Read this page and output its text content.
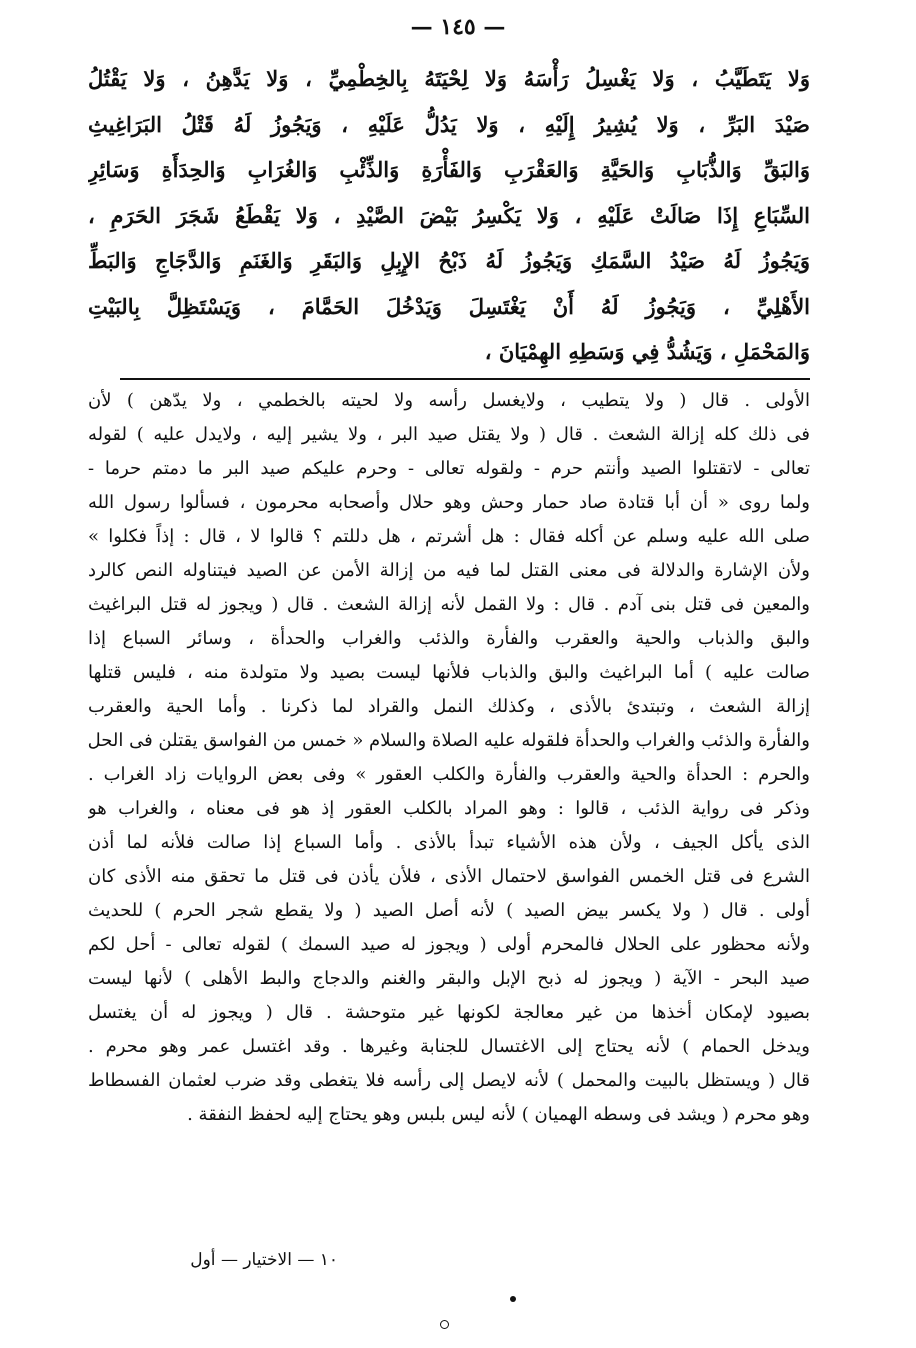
— ١٤٥ —
وَلا يَتَطَيَّبُ ، وَلا يَغْسِلُ رَأْسَهُ وَلا لِحْيَتَهُ بِالخِطْمِيِّ ، وَلا يَدَّهِنُ ، وَلا يَقْتُلُ
صَيْدَ البَرِّ ، وَلا يُشِيرُ إِلَيْهِ ، وَلا يَدُلُّ عَلَيْهِ ، وَيَجُوزُ لَهُ قَتْلُ البَرَاغِيثِ
وَالبَقِّ وَالذُّبَابِ وَالحَيَّةِ وَالعَقْرَبِ وَالفَأْرَةِ وَالذِّئْبِ وَالغُرَابِ وَالحِدَأَةِ وَسَائِرِ
السِّبَاعِ إِذَا صَالَتْ عَلَيْهِ ، وَلا يَكْسِرُ بَيْضَ الصَّيْدِ ، وَلا يَقْطَعُ شَجَرَ الحَرَمِ ،
وَيَجُوزُ لَهُ صَيْدُ السَّمَكِ وَيَجُوزُ لَهُ ذَبْحُ الإِبِلِ وَالبَقَرِ وَالغَنَمِ وَالدَّجَاجِ وَالبَطِّ
الأَهْلِيِّ ، وَيَجُوزُ لَهُ أَنْ يَغْتَسِلَ وَيَدْخُلَ الحَمَّامَ ، وَيَسْتَظِلَّ بِالبَيْتِ
وَالمَحْمَلِ ، وَيَشُدُّ فِي وَسَطِهِ الهِمْيَانَ ،
الأولى . قال ( ولا يتطيب ، ولايغسل رأسه ولا لحيته بالخطمي ، ولا يدّهن ) لأن
فى ذلك كله إزالة الشعث . قال ( ولا يقتل صيد البر ، ولا يشير إليه ، ولايدل عليه ) لقوله
تعالى - لاتقتلوا الصيد وأنتم حرم - ولقوله تعالى - وحرم عليكم صيد البر ما دمتم حرما -
ولما روى « أن أبا قتادة صاد حمار وحش وهو حلال وأصحابه محرمون ، فسألوا رسول الله
صلى الله عليه وسلم عن أكله فقال : هل أشرتم ، هل دللتم ؟ قالوا لا ، قال : إذاً فكلوا »
ولأن الإشارة والدلالة فى معنى القتل لما فيه من إزالة الأمن عن الصيد فيتناوله النص كالرد
والمعين فى قتل بنى آدم . قال : ولا القمل لأنه إزالة الشعث . قال ( ويجوز له قتل البراغيث
والبق والذباب والحية والعقرب والفأرة والذئب والغراب والحدأة ، وسائر السباع إذا
صالت عليه ) أما البراغيث والبق والذباب فلأنها ليست بصيد ولا متولدة منه ، فليس قتلها
إزالة الشعث ، وتبتدئ بالأذى ، وكذلك النمل والقراد لما ذكرنا . وأما الحية والعقرب
والفأرة والذئب والغراب والحدأة فلقوله عليه الصلاة والسلام « خمس من الفواسق يقتلن فى الحل
والحرم : الحدأة والحية والعقرب والفأرة والكلب العقور » وفى بعض الروايات زاد الغراب .
وذكر فى رواية الذئب ، قالوا : وهو المراد بالكلب العقور إذ هو فى معناه ، والغراب هو
الذى يأكل الجيف ، ولأن هذه الأشياء تبدأ بالأذى . وأما السباع إذا صالت فلأنه لما أذن
الشرع فى قتل الخمس الفواسق لاحتمال الأذى ، فلأن يأذن فى قتل ما تحقق منه الأذى كان
أولى . قال ( ولا يكسر بيض الصيد ) لأنه أصل الصيد ( ولا يقطع شجر الحرم ) للحديث
ولأنه محظور على الحلال فالمحرم أولى ( ويجوز له صيد السمك ) لقوله تعالى - أحل لكم
صيد البحر - الآية ( ويجوز له ذبح الإبل والبقر والغنم والدجاج والبط الأهلى ) لأنها ليست
بصيود لإمكان أخذها من غير معالجة لكونها غير متوحشة . قال ( ويجوز له أن يغتسل
ويدخل الحمام ) لأنه يحتاج إلى الاغتسال للجنابة وغيرها . وقد اغتسل عمر وهو محرم .
قال ( ويستظل بالبيت والمحمل ) لأنه لايصل إلى رأسه فلا يتغطى وقد ضرب لعثمان الفسطاط
وهو محرم ( ويشد فى وسطه الهميان ) لأنه ليس بلبس وهو يحتاج إليه لحفظ النفقة .
١٠ — الاختيار — أول
